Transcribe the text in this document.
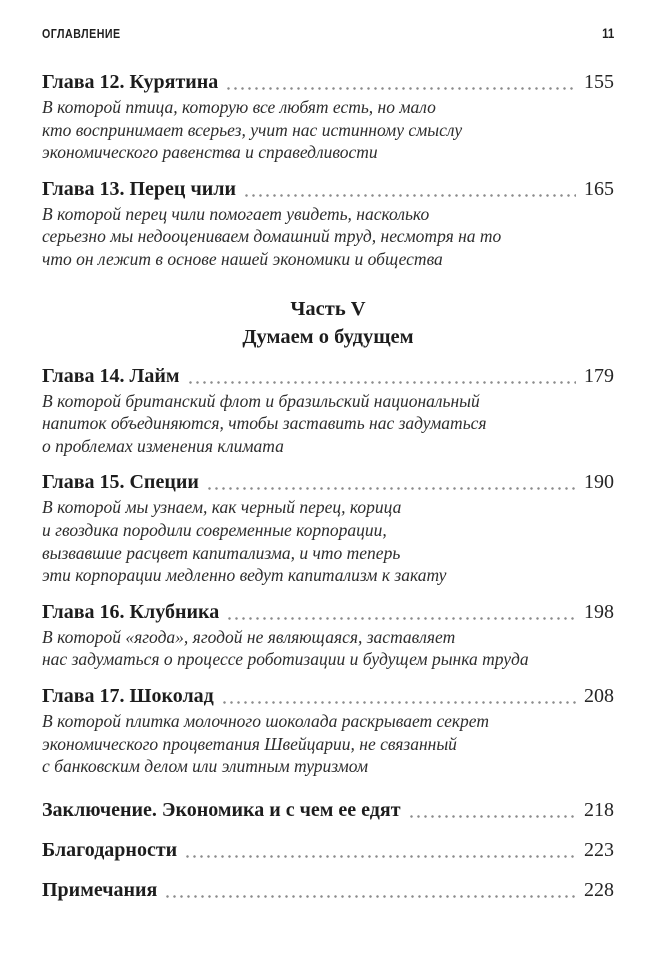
ОГЛАВЛЕНИЕ	11
Глава 12. Курятина	155
В которой птица, которую все любят есть, но мало
кто воспринимает всерьез, учит нас истинному смыслу
экономического равенства и справедливости
Глава 13. Перец чили	165
В которой перец чили помогает увидеть, насколько
серьезно мы недооцениваем домашний труд, несмотря на то
что он лежит в основе нашей экономики и общества
Часть V
Думаем о будущем
Глава 14. Лайм	179
В которой британский флот и бразильский национальный
напиток объединяются, чтобы заставить нас задуматься
о проблемах изменения климата
Глава 15. Специи	190
В которой мы узнаем, как черный перец, корица
и гвоздика породили современные корпорации,
вызвавшие расцвет капитализма, и что теперь
эти корпорации медленно ведут капитализм к закату
Глава 16. Клубника	198
В которой «ягода», ягодой не являющаяся, заставляет
нас задуматься о процессе роботизации и будущем рынка труда
Глава 17. Шоколад	208
В которой плитка молочного шоколада раскрывает секрет
экономического процветания Швейцарии, не связанный
с банковским делом или элитным туризмом
Заключение. Экономика и с чем ее едят	218
Благодарности	223
Примечания	228
